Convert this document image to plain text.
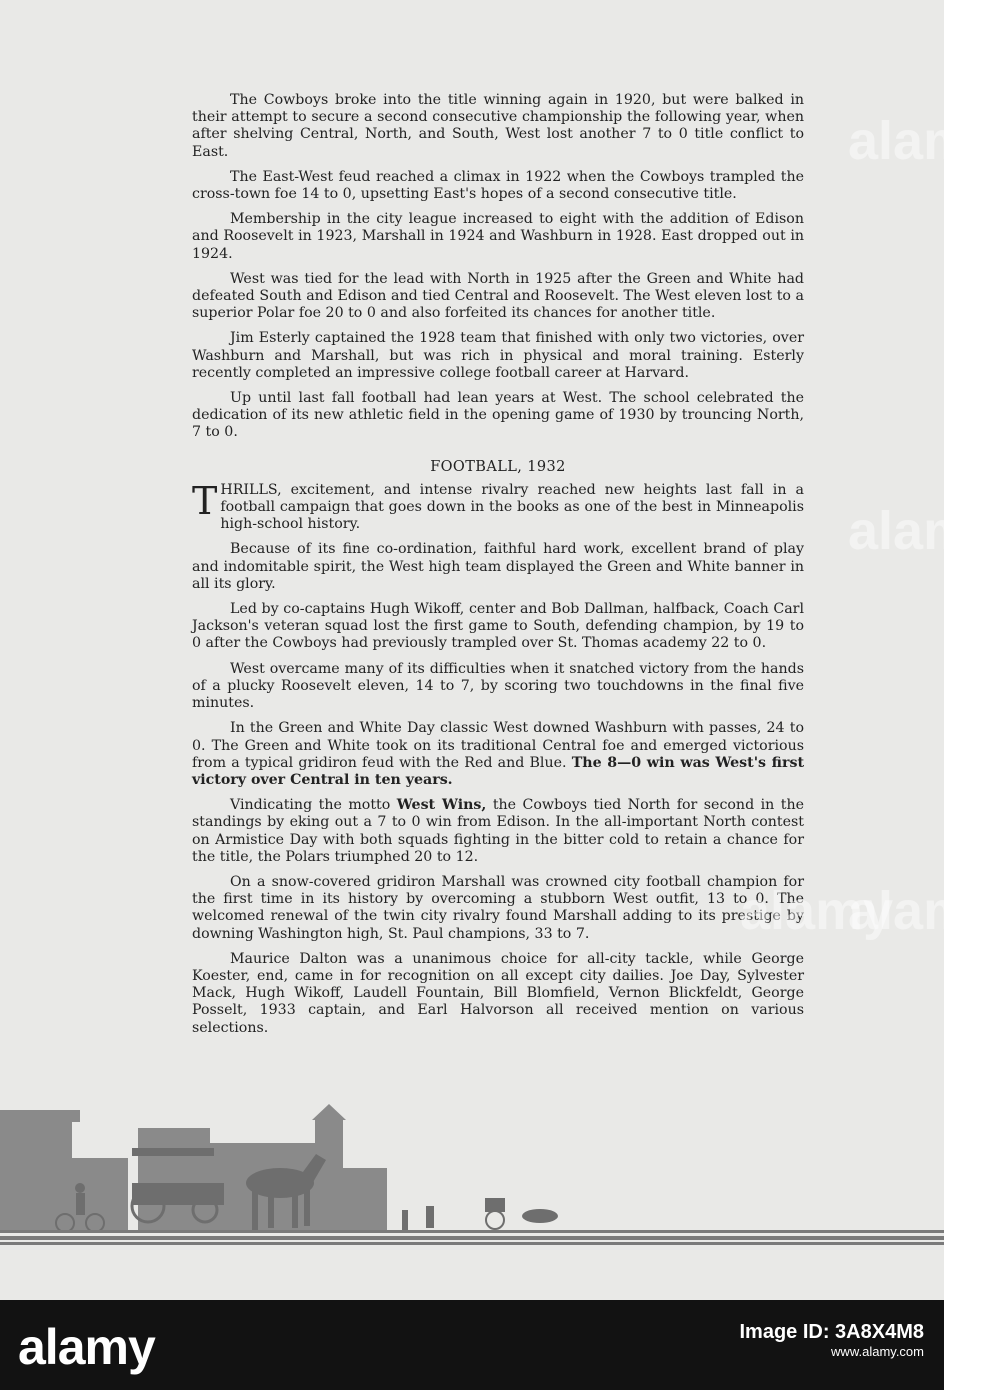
The Cowboys broke into the title winning again in 1920, but were balked in their attempt to secure a second consecutive championship the following year, when after shelving Central, North, and South, West lost another 7 to 0 title conflict to East.

The East-West feud reached a climax in 1922 when the Cowboys trampled the cross-town foe 14 to 0, upsetting East's hopes of a second consecutive title.

Membership in the city league increased to eight with the addition of Edison and Roosevelt in 1923, Marshall in 1924 and Washburn in 1928. East dropped out in 1924.

West was tied for the lead with North in 1925 after the Green and White had defeated South and Edison and tied Central and Roosevelt. The West eleven lost to a superior Polar foe 20 to 0 and also forfeited its chances for another title.

Jim Esterly captained the 1928 team that finished with only two victories, over Washburn and Marshall, but was rich in physical and moral training. Esterly recently completed an impressive college football career at Harvard.

Up until last fall football had lean years at West. The school celebrated the dedication of its new athletic field in the opening game of 1930 by trouncing North, 7 to 0.

FOOTBALL, 1932

THRILLS, excitement, and intense rivalry reached new heights last fall in a football campaign that goes down in the books as one of the best in Minneapolis high-school history.

Because of its fine co-ordination, faithful hard work, excellent brand of play and indomitable spirit, the West high team displayed the Green and White banner in all its glory.

Led by co-captains Hugh Wikoff, center and Bob Dallman, halfback, Coach Carl Jackson's veteran squad lost the first game to South, defending champion, by 19 to 0 after the Cowboys had previously trampled over St. Thomas academy 22 to 0.

West overcame many of its difficulties when it snatched victory from the hands of a plucky Roosevelt eleven, 14 to 7, by scoring two touchdowns in the final five minutes.

In the Green and White Day classic West downed Washburn with passes, 24 to 0. The Green and White took on its traditional Central foe and emerged victorious from a typical gridiron feud with the Red and Blue. The 8—0 win was West's first victory over Central in ten years.

Vindicating the motto West Wins, the Cowboys tied North for second in the standings by eking out a 7 to 0 win from Edison. In the all-important North contest on Armistice Day with both squads fighting in the bitter cold to retain a chance for the title, the Polars triumphed 20 to 12.

On a snow-covered gridiron Marshall was crowned city football champion for the first time in its history by overcoming a stubborn West outfit, 13 to 0. The welcomed renewal of the twin city rivalry found Marshall adding to its prestige by downing Washington high, St. Paul champions, 33 to 7.

Maurice Dalton was a unanimous choice for all-city tackle, while George Koester, end, came in for recognition on all except city dailies. Joe Day, Sylvester Mack, Hugh Wikoff, Laudell Fountain, Bill Blomfield, Vernon Blickfeldt, George Posselt, 1933 captain, and Earl Halvorson all received mention on various selections.

alamy
alamy
alamy
alamy
alamy	Image ID: 3A8X4M8
www.alamy.com
